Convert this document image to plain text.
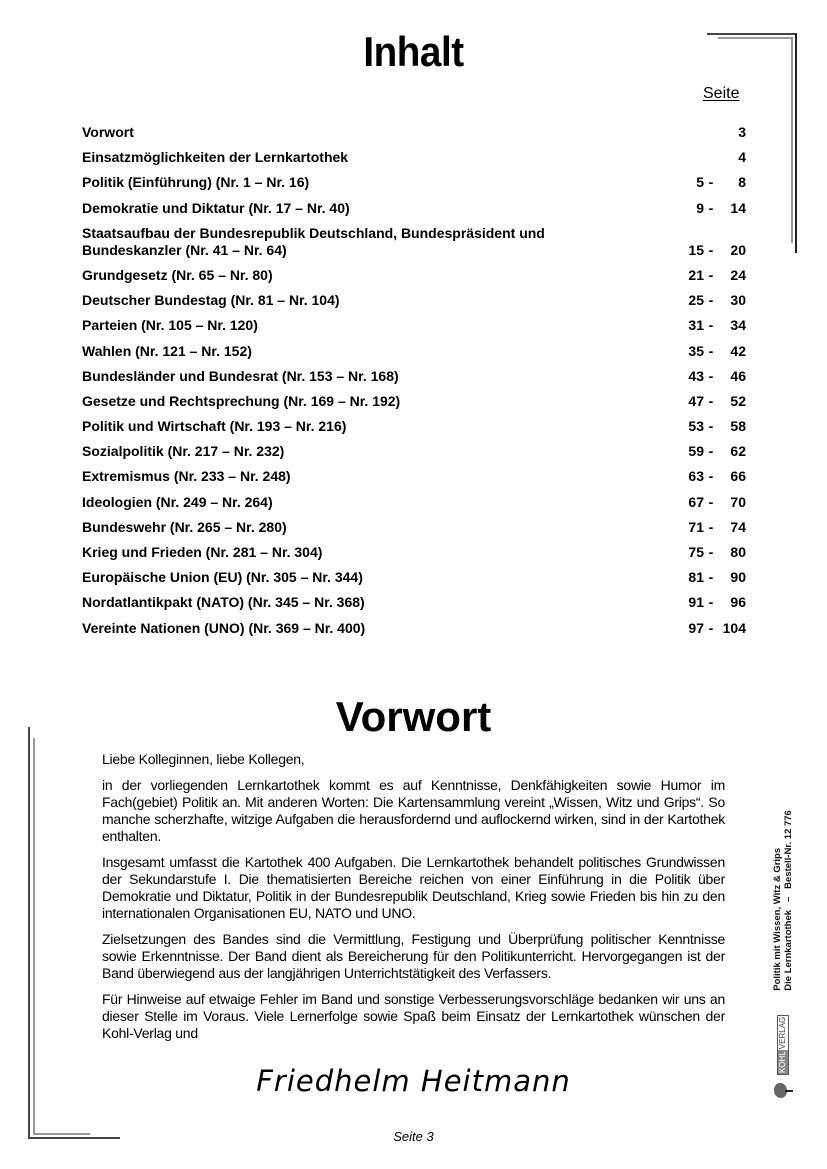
Inhalt
Seite
Vorwort	3
Einsatzmöglichkeiten der Lernkartothek	4
Politik (Einführung) (Nr. 1 – Nr. 16)	5 -	8
Demokratie und Diktatur (Nr. 17 – Nr. 40)	9 -	14
Staatsaufbau der Bundesrepublik Deutschland, Bundespräsident und Bundeskanzler (Nr. 41 – Nr. 64)	15 -	20
Grundgesetz (Nr. 65 – Nr. 80)	21 -	24
Deutscher Bundestag (Nr. 81 – Nr. 104)	25 -	30
Parteien (Nr. 105 – Nr. 120)	31 -	34
Wahlen (Nr. 121 – Nr. 152)	35 -	42
Bundesländer und Bundesrat (Nr. 153 – Nr. 168)	43 -	46
Gesetze und Rechtsprechung (Nr. 169 – Nr. 192)	47 -	52
Politik und Wirtschaft (Nr. 193 – Nr. 216)	53 -	58
Sozialpolitik (Nr. 217 – Nr. 232)	59 -	62
Extremismus (Nr. 233 – Nr. 248)	63 -	66
Ideologien (Nr. 249 – Nr. 264)	67 -	70
Bundeswehr (Nr. 265 – Nr. 280)	71 -	74
Krieg und Frieden (Nr. 281 – Nr. 304)	75 -	80
Europäische Union (EU) (Nr. 305 – Nr. 344)	81 -	90
Nordatlantikpakt (NATO) (Nr. 345 – Nr. 368)	91 -	96
Vereinte Nationen (UNO) (Nr. 369 – Nr. 400)	97 - 104
Vorwort

Liebe Kolleginnen, liebe Kollegen,

in der vorliegenden Lernkartothek kommt es auf Kenntnisse, Denkfähigkeiten sowie Humor im Fach(gebiet) Politik an. Mit anderen Worten: Die Kartensammlung vereint „Wissen, Witz und Grips“. So manche scherzhafte, witzige Aufgaben die herausfordernd und auflockernd wirken, sind in der Kartothek enthalten.

Insgesamt umfasst die Kartothek 400 Aufgaben. Die Lernkartothek behandelt politisches Grundwissen der Sekundarstufe I. Die thematisierten Bereiche reichen von einer Einführung in die Politik über Demokratie und Diktatur, Politik in der Bundesrepublik Deutschland, Krieg sowie Frieden bis hin zu den internationalen Organisationen EU, NATO und UNO.

Zielsetzungen des Bandes sind die Vermittlung, Festigung und Überprüfung politischer Kenntnisse sowie Erkenntnisse. Der Band dient als Bereicherung für den Politikunterricht. Hervorgegangen ist der Band überwiegend aus der langjährigen Unterrichtstätigkeit des Verfassers.

Für Hinweise auf etwaige Fehler im Band und sonstige Verbesserungsvorschläge bedanken wir uns an dieser Stelle im Voraus. Viele Lernerfolge sowie Spaß beim Einsatz der Lernkartothek wünschen der Kohl-Verlag und

Friedhelm Heitmann
Seite 3
KOHL
VERLAG
Politik mit Wissen, Witz & Grips Die Lernkartothek   –   Bestell-Nr. 12 776
